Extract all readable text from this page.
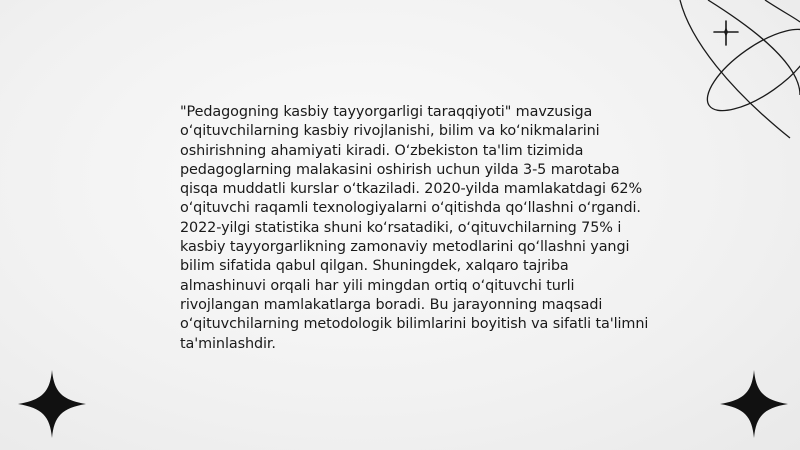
"Pedagogning kasbiy tayyorgarligi taraqqiyoti" mavzusiga o‘qituvchilarning kasbiy rivojlanishi, bilim va ko‘nikmalarini oshirishning ahamiyati kiradi. O‘zbekiston ta'lim tizimida pedagoglarning malakasini oshirish uchun yilda 3-5 marotaba qisqa muddatli kurslar o‘tkaziladi. 2020-yilda mamlakatdagi 62% o‘qituvchi raqamli texnologiyalarni o‘qitishda qo‘llashni o‘rgandi. 2022-yilgi statistika shuni ko‘rsatadiki, o‘qituvchilarning 75% i kasbiy tayyorgarlikning zamonaviy metodlarini qo‘llashni yangi bilim sifatida qabul qilgan. Shuningdek, xalqaro tajriba almashinuvi orqali har yili mingdan ortiq o‘qituvchi turli rivojlangan mamlakatlarga boradi. Bu jarayonning maqsadi o‘qituvchilarning metodologik bilimlarini boyitish va sifatli ta'limni ta'minlashdir.
